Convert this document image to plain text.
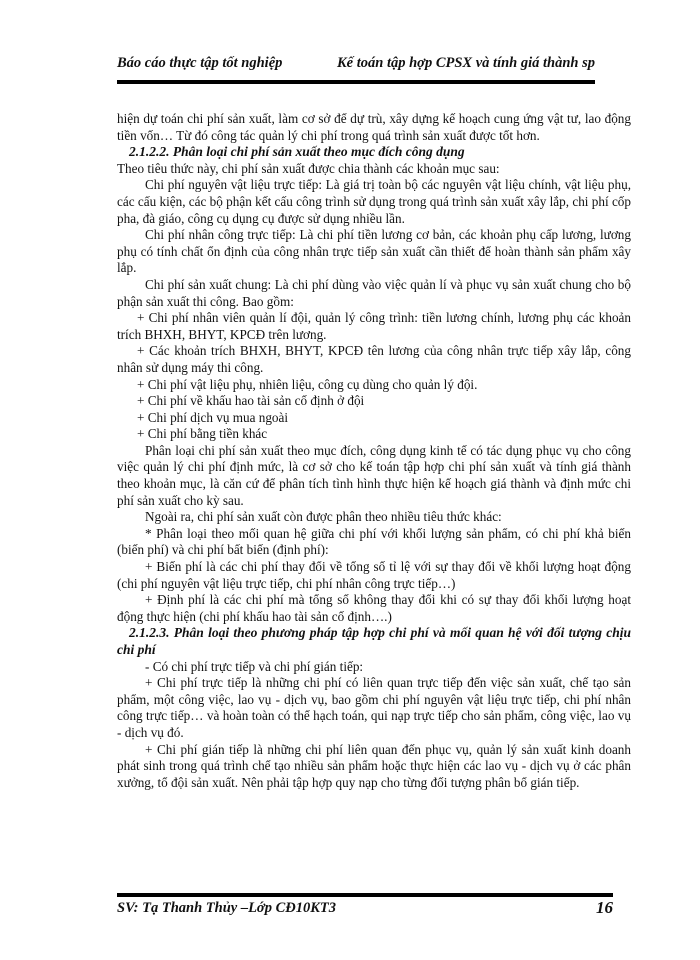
Báo cáo thực tập tốt nghiệp	Kế toán tập hợp CPSX và tính giá thành sp

hiện dự toán chi phí sản xuất, làm cơ sở để dự trù, xây dựng kế hoạch cung ứng vật tư, lao động tiền vốn… Từ đó công tác quản lý chi phí trong quá trình sản xuất được tốt hơn.

2.1.2.2. Phân loại chi phí sản xuất theo mục đích công dụng

Theo tiêu thức này, chi phí sản xuất được chia thành các khoản mục sau:

Chi phí nguyên vật liệu trực tiếp: Là giá trị toàn bộ các nguyên vật liệu chính, vật liệu phụ, các cấu kiện, các bộ phận kết cấu công trình sử dụng trong quá trình sản xuất xây lắp, chi phí cốp pha, đà giáo, công cụ dụng cụ được sử dụng nhiều lần.

Chi phí nhân công trực tiếp: Là chi phí tiền lương cơ bản, các khoản phụ cấp lương, lương phụ có tính chất ổn định của công nhân trực tiếp sản xuất cần thiết để hoàn thành sản phẩm xây lắp.

Chi phí sản xuất chung: Là chi phí dùng vào việc quản lí và phục vụ sản xuất chung cho bộ phận sản xuất thi công. Bao gồm:

+ Chi phí nhân viên quản lí đội, quản lý công trình: tiền lương chính, lương phụ các khoản trích BHXH, BHYT, KPCĐ trên lương.

+ Các khoản trích BHXH, BHYT, KPCĐ tên lương của công nhân trực tiếp xây lắp, công nhân sử dụng máy thi công.

+ Chi phí vật liệu phụ, nhiên liệu, công cụ dùng cho quản lý đội.

+ Chi phí về khấu hao tài sản cố định ở đội

+ Chi phí dịch vụ mua ngoài

+ Chi phí bằng tiền khác

Phân loại chi phí sản xuất theo mục đích, công dụng kinh tế có tác dụng phục vụ cho công việc quản lý chi phí định mức, là cơ sở cho kế toán tập hợp chi phí sản xuất và tính giá thành theo khoản mục, là căn cứ để phân tích tình hình thực hiện kế hoạch giá thành và định mức chi phí sản xuất cho kỳ sau.

Ngoài ra, chi phí sản xuất còn được phân theo nhiều tiêu thức khác:

* Phân loại theo mối quan hệ giữa chi phí với khối lượng sản phẩm, có chi phí khả biến (biến phí) và chi phí bất biến (định phí):

+ Biến phí là các chi phí thay đổi về tổng số tỉ lệ với sự thay đổi về khối lượng hoạt động (chi phí nguyên vật liệu trực tiếp, chi phí nhân công trực tiếp…)

+ Định phí là các chi phí mà tổng số không thay đổi khi có sự thay đổi khối lượng hoạt động thực hiện (chi phí khấu hao tài sản cố định….)

2.1.2.3. Phân loại theo phương pháp tập hợp chi phí và mối quan hệ với đối tượng chịu chi phí

- Có chi phí trực tiếp và chi phí gián tiếp:

+ Chi phí trực tiếp là những chi phí có liên quan trực tiếp đến việc sản xuất, chế tạo sản phẩm, một công việc, lao vụ - dịch vụ, bao gồm chi phí nguyên vật liệu trực tiếp, chi phí nhân công trực tiếp… và hoàn toàn có thể hạch toán, qui nạp trực tiếp cho sản phẩm, công việc, lao vụ - dịch vụ đó.

+ Chi phí gián tiếp là những chi phí liên quan đến phục vụ, quản lý sản xuất kinh doanh phát sinh trong quá trình chế tạo nhiều sản phẩm hoặc thực hiện các lao vụ - dịch vụ ở các phân xưởng, tổ đội sản xuất. Nên phải tập hợp quy nạp cho từng đối tượng phân bổ gián tiếp.

SV: Tạ Thanh Thủy –Lớp CĐ10KT3	16
